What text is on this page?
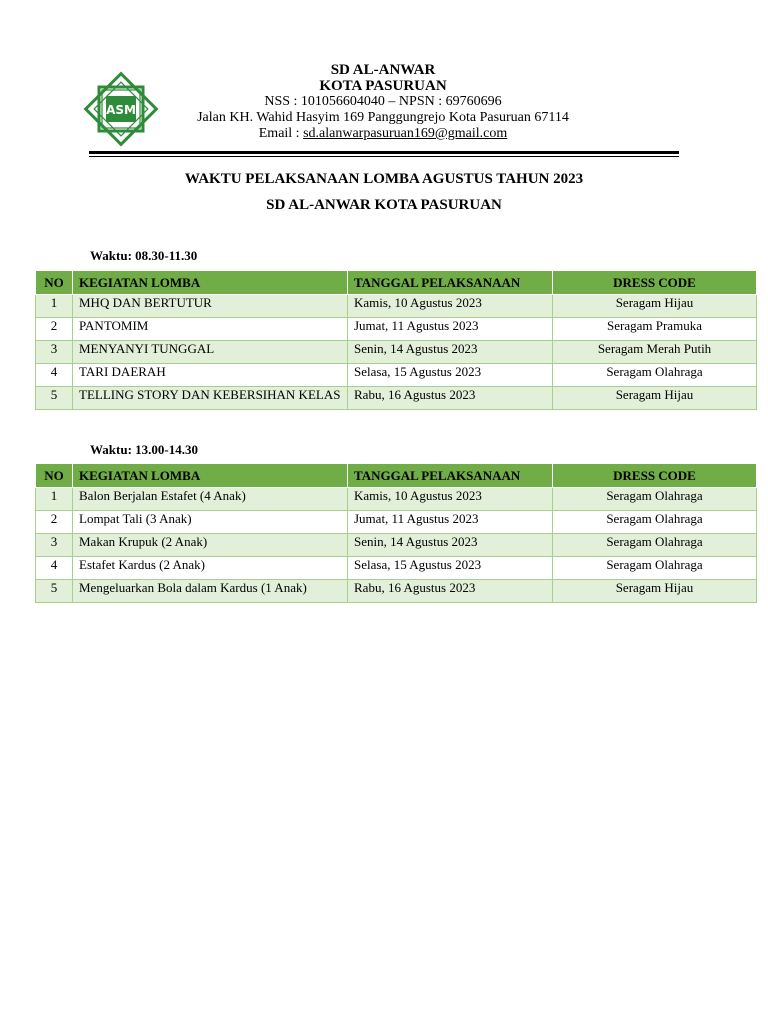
ASM
SD AL-ANWAR
KOTA PASURUAN
NSS : 101056604040 – NPSN : 69760696
Jalan KH. Wahid Hasyim 169 Panggungrejo Kota Pasuruan 67114
Email : sd.alanwarpasuruan169@gmail.com
WAKTU PELAKSANAAN LOMBA AGUSTUS TAHUN 2023
SD AL-ANWAR KOTA PASURUAN
Waktu: 08.30-11.30
NO	KEGIATAN LOMBA	TANGGAL PELAKSANAAN	DRESS CODE
1	MHQ DAN BERTUTUR	Kamis, 10 Agustus 2023	Seragam Hijau
2	PANTOMIM	Jumat, 11 Agustus 2023	Seragam Pramuka
3	MENYANYI TUNGGAL	Senin, 14 Agustus 2023	Seragam Merah Putih
4	TARI DAERAH	Selasa, 15 Agustus 2023	Seragam Olahraga
5	TELLING STORY DAN KEBERSIHAN KELAS	Rabu, 16 Agustus 2023	Seragam Hijau
Waktu: 13.00-14.30
NO	KEGIATAN LOMBA	TANGGAL PELAKSANAAN	DRESS CODE
1	Balon Berjalan Estafet (4 Anak)	Kamis, 10 Agustus 2023	Seragam Olahraga
2	Lompat Tali (3 Anak)	Jumat, 11 Agustus 2023	Seragam Olahraga
3	Makan Krupuk (2 Anak)	Senin, 14 Agustus 2023	Seragam Olahraga
4	Estafet Kardus (2 Anak)	Selasa, 15 Agustus 2023	Seragam Olahraga
5	Mengeluarkan Bola dalam Kardus (1 Anak)	Rabu, 16 Agustus 2023	Seragam Hijau
